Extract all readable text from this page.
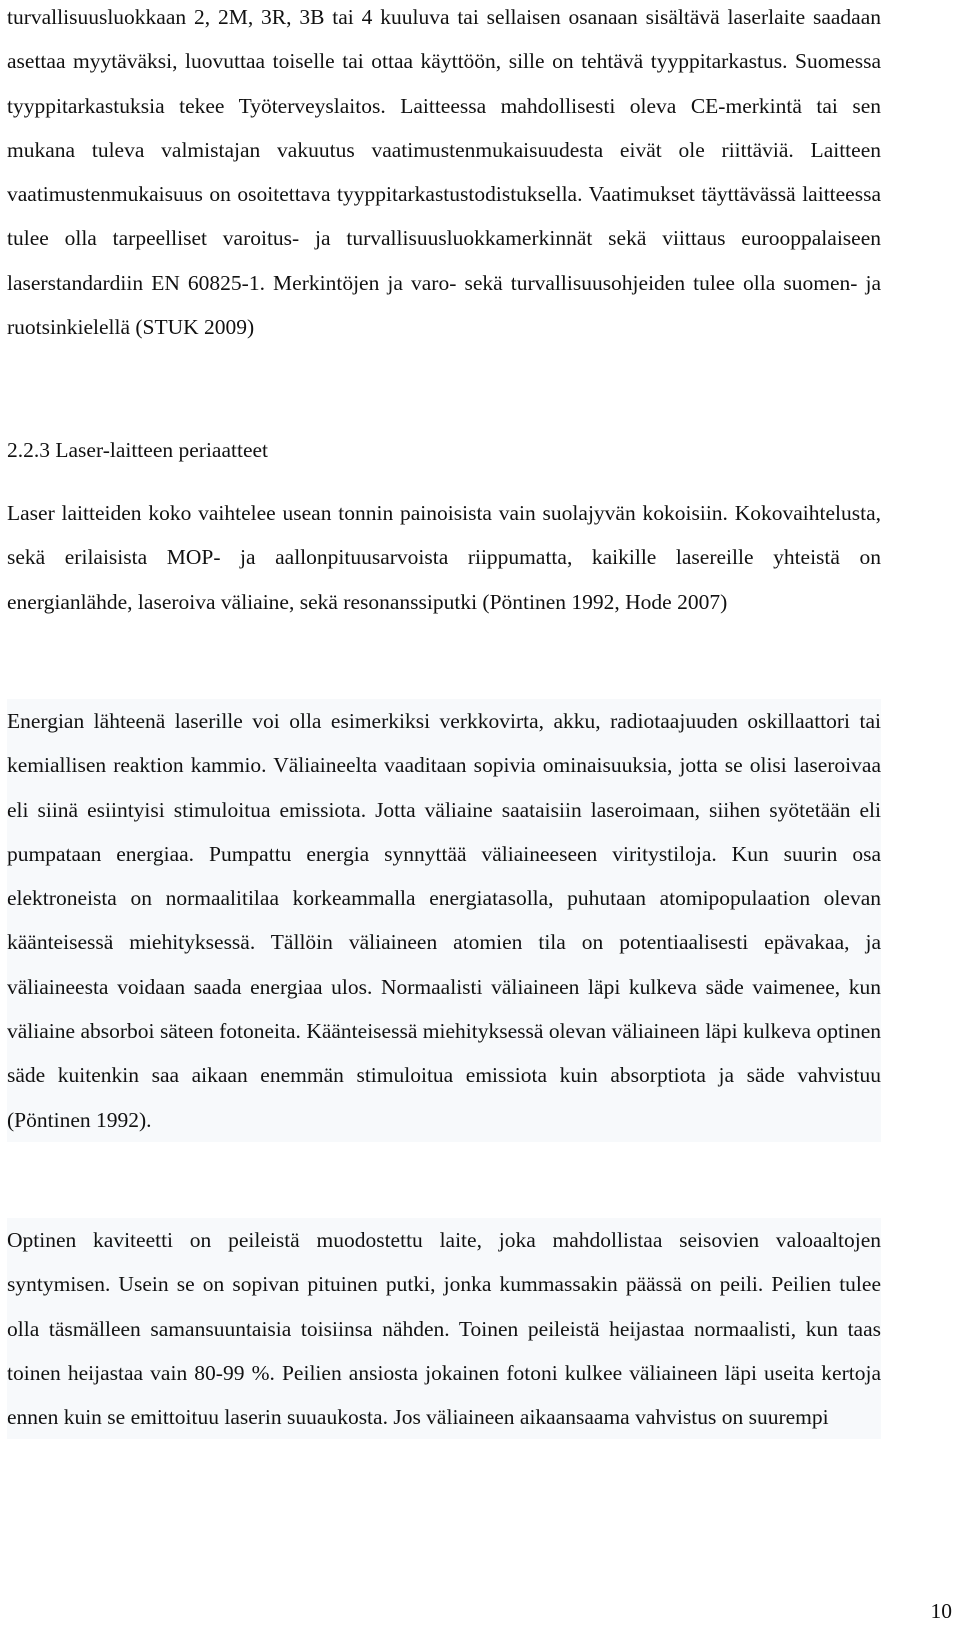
turvallisuusluokkaan 2, 2M, 3R, 3B tai 4 kuuluva tai sellaisen osanaan sisältävä laserlaite saadaan asettaa myytäväksi, luovuttaa toiselle tai ottaa käyttöön, sille on tehtävä tyyppitarkastus. Suomessa tyyppitarkastuksia tekee Työterveyslaitos. Laitteessa mahdollisesti oleva CE-merkintä tai sen mukana tuleva valmistajan vakuutus vaatimustenmukaisuudesta eivät ole riittäviä. Laitteen vaatimustenmukaisuus on osoitettava tyyppitarkastustodistuksella. Vaatimukset täyttävässä laitteessa tulee olla tarpeelliset varoitus- ja turvallisuusluokkamerkinnät sekä viittaus eurooppalaiseen laserstandardiin EN 60825-1. Merkintöjen ja varo- sekä turvallisuusohjeiden tulee olla suomen- ja ruotsinkielellä (STUK 2009)

2.2.3 Laser-laitteen periaatteet

Laser laitteiden koko vaihtelee usean tonnin painoisista vain suolajyvän kokoisiin. Kokovaihtelusta, sekä erilaisista MOP- ja aallonpituusarvoista riippumatta, kaikille lasereille yhteistä on energianlähde, laseroiva väliaine, sekä resonanssiputki (Pöntinen 1992, Hode 2007)

Energian lähteenä laserille voi olla esimerkiksi verkkovirta, akku, radiotaajuuden oskillaattori tai kemiallisen reaktion kammio. Väliaineelta vaaditaan sopivia ominaisuuksia, jotta se olisi laseroivaa eli siinä esiintyisi stimuloitua emissiota. Jotta väliaine saataisiin laseroimaan, siihen syötetään eli pumpataan energiaa. Pumpattu energia synnyttää väliaineeseen viritystiloja. Kun suurin osa elektroneista on normaalitilaa korkeammalla energiatasolla, puhutaan atomipopulaation olevan käänteisessä miehityksessä. Tällöin väliaineen atomien tila on potentiaalisesti epävakaa, ja väliaineesta voidaan saada energiaa ulos. Normaalisti väliaineen läpi kulkeva säde vaimenee, kun väliaine absorboi säteen fotoneita. Käänteisessä miehityksessä olevan väliaineen läpi kulkeva optinen säde kuitenkin saa aikaan enemmän stimuloitua emissiota kuin absorptiota ja säde vahvistuu (Pöntinen 1992).

Optinen kaviteetti on peileistä muodostettu laite, joka mahdollistaa seisovien valoaaltojen syntymisen. Usein se on sopivan pituinen putki, jonka kummassakin päässä on peili. Peilien tulee olla täsmälleen samansuuntaisia toisiinsa nähden. Toinen peileistä heijastaa normaalisti, kun taas toinen heijastaa vain 80-99 %. Peilien ansiosta jokainen fotoni kulkee väliaineen läpi useita kertoja ennen kuin se emittoituu laserin suuaukosta. Jos väliaineen aikaansaama vahvistus on suurempi

10
